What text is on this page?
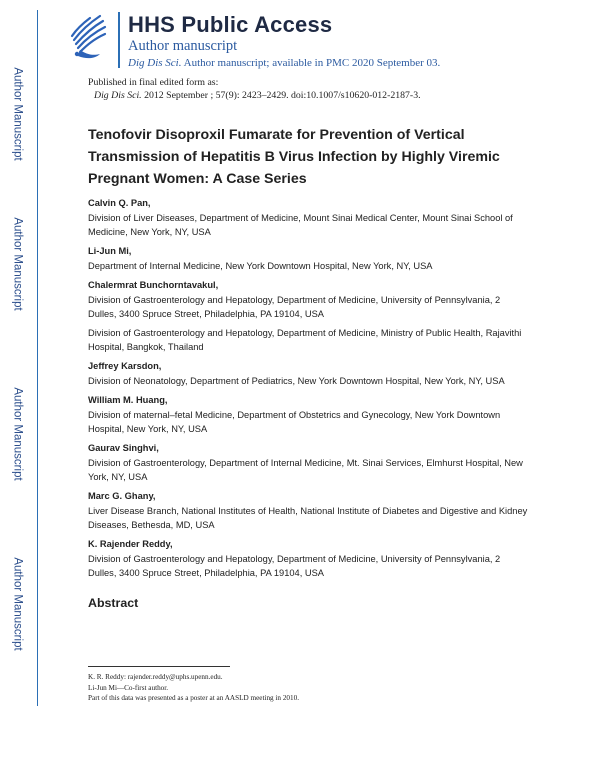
Author Manuscript
Author Manuscript
Author Manuscript
Author Manuscript
HHS Public Access
Author manuscript
Dig Dis Sci. Author manuscript; available in PMC 2020 September 03.
Published in final edited form as:
Dig Dis Sci. 2012 September ; 57(9): 2423–2429. doi:10.1007/s10620-012-2187-3.
Tenofovir Disoproxil Fumarate for Prevention of Vertical Transmission of Hepatitis B Virus Infection by Highly Viremic Pregnant Women: A Case Series
Calvin Q. Pan,
Division of Liver Diseases, Department of Medicine, Mount Sinai Medical Center, Mount Sinai School of Medicine, New York, NY, USA
Li-Jun Mi,
Department of Internal Medicine, New York Downtown Hospital, New York, NY, USA
Chalermrat Bunchorntavakul,
Division of Gastroenterology and Hepatology, Department of Medicine, University of Pennsylvania, 2 Dulles, 3400 Spruce Street, Philadelphia, PA 19104, USA
Division of Gastroenterology and Hepatology, Department of Medicine, Ministry of Public Health, Rajavithi Hospital, Bangkok, Thailand
Jeffrey Karsdon,
Division of Neonatology, Department of Pediatrics, New York Downtown Hospital, New York, NY, USA
William M. Huang,
Division of maternal–fetal Medicine, Department of Obstetrics and Gynecology, New York Downtown Hospital, New York, NY, USA
Gaurav Singhvi,
Division of Gastroenterology, Department of Internal Medicine, Mt. Sinai Services, Elmhurst Hospital, New York, NY, USA
Marc G. Ghany,
Liver Disease Branch, National Institutes of Health, National Institute of Diabetes and Digestive and Kidney Diseases, Bethesda, MD, USA
K. Rajender Reddy,
Division of Gastroenterology and Hepatology, Department of Medicine, University of Pennsylvania, 2 Dulles, 3400 Spruce Street, Philadelphia, PA 19104, USA
Abstract
K. R. Reddy: rajender.reddy@uphs.upenn.edu.
Li-Jun Mi—Co-first author.
Part of this data was presented as a poster at an AASLD meeting in 2010.
